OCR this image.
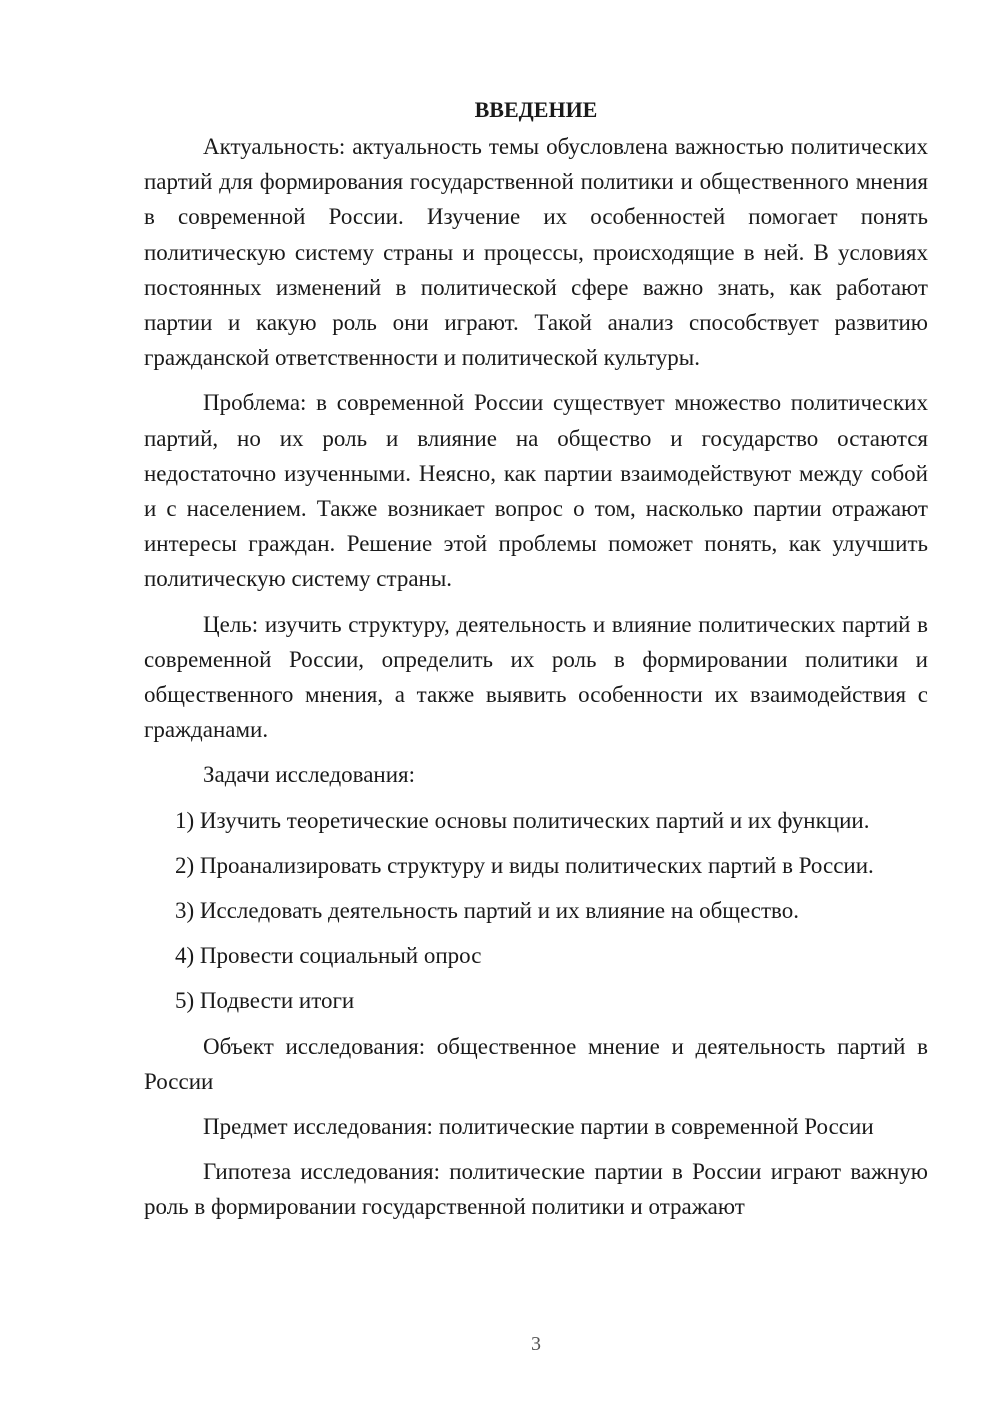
ВВЕДЕНИЕ

Актуальность: актуальность темы обусловлена важностью политических партий для формирования государственной политики и общественного мнения в современной России. Изучение их особенностей помогает понять политическую систему страны и процессы, происходящие в ней. В условиях постоянных изменений в политической сфере важно знать, как работают партии и какую роль они играют. Такой анализ способствует развитию гражданской ответственности и политической культуры.

Проблема: в современной России существует множество политических партий, но их роль и влияние на общество и государство остаются недостаточно изученными. Неясно, как партии взаимодействуют между собой и с населением. Также возникает вопрос о том, насколько партии отражают интересы граждан. Решение этой проблемы поможет понять, как улучшить политическую систему страны.

Цель: изучить структуру, деятельность и влияние политических партий в современной России, определить их роль в формировании политики и общественного мнения, а также выявить особенности их взаимодействия с гражданами.

Задачи исследования:

1) Изучить теоретические основы политических партий и их функции.

2) Проанализировать структуру и виды политических партий в России.

3) Исследовать деятельность партий и их влияние на общество.

4) Провести социальный опрос

5) Подвести итоги

Объект исследования: общественное мнение и деятельность партий в России

Предмет исследования: политические партии в современной России

Гипотеза исследования: политические партии в России играют важную роль в формировании государственной политики и отражают

3
